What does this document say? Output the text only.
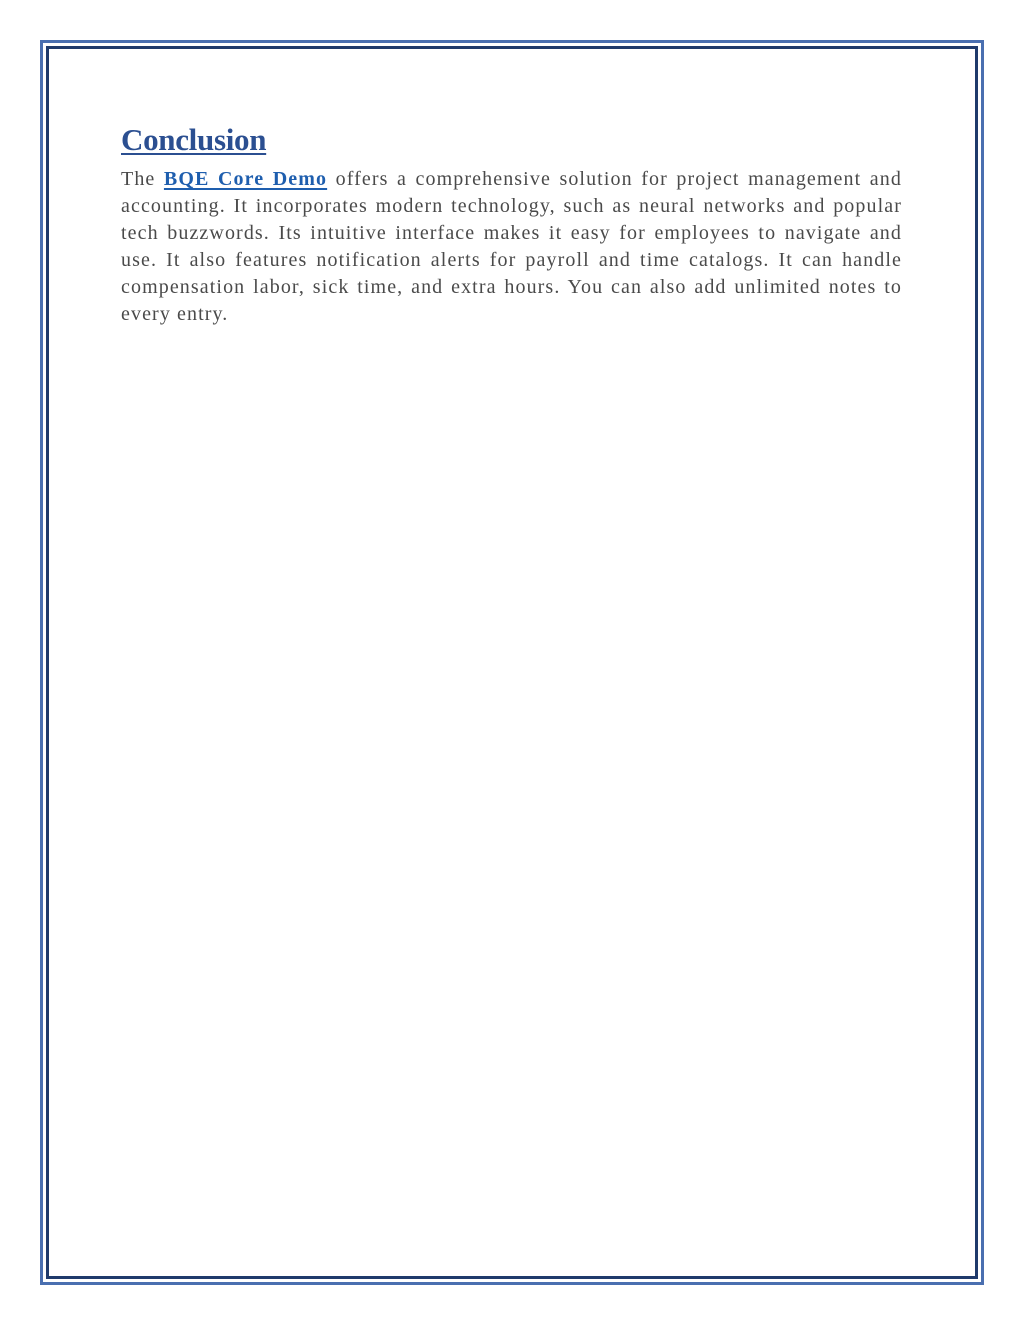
Conclusion

The BQE Core Demo offers a comprehensive solution for project management and accounting. It incorporates modern technology, such as neural networks and popular tech buzzwords. Its intuitive interface makes it easy for employees to navigate and use. It also features notification alerts for payroll and time catalogs. It can handle compensation labor, sick time, and extra hours. You can also add unlimited notes to every entry.
